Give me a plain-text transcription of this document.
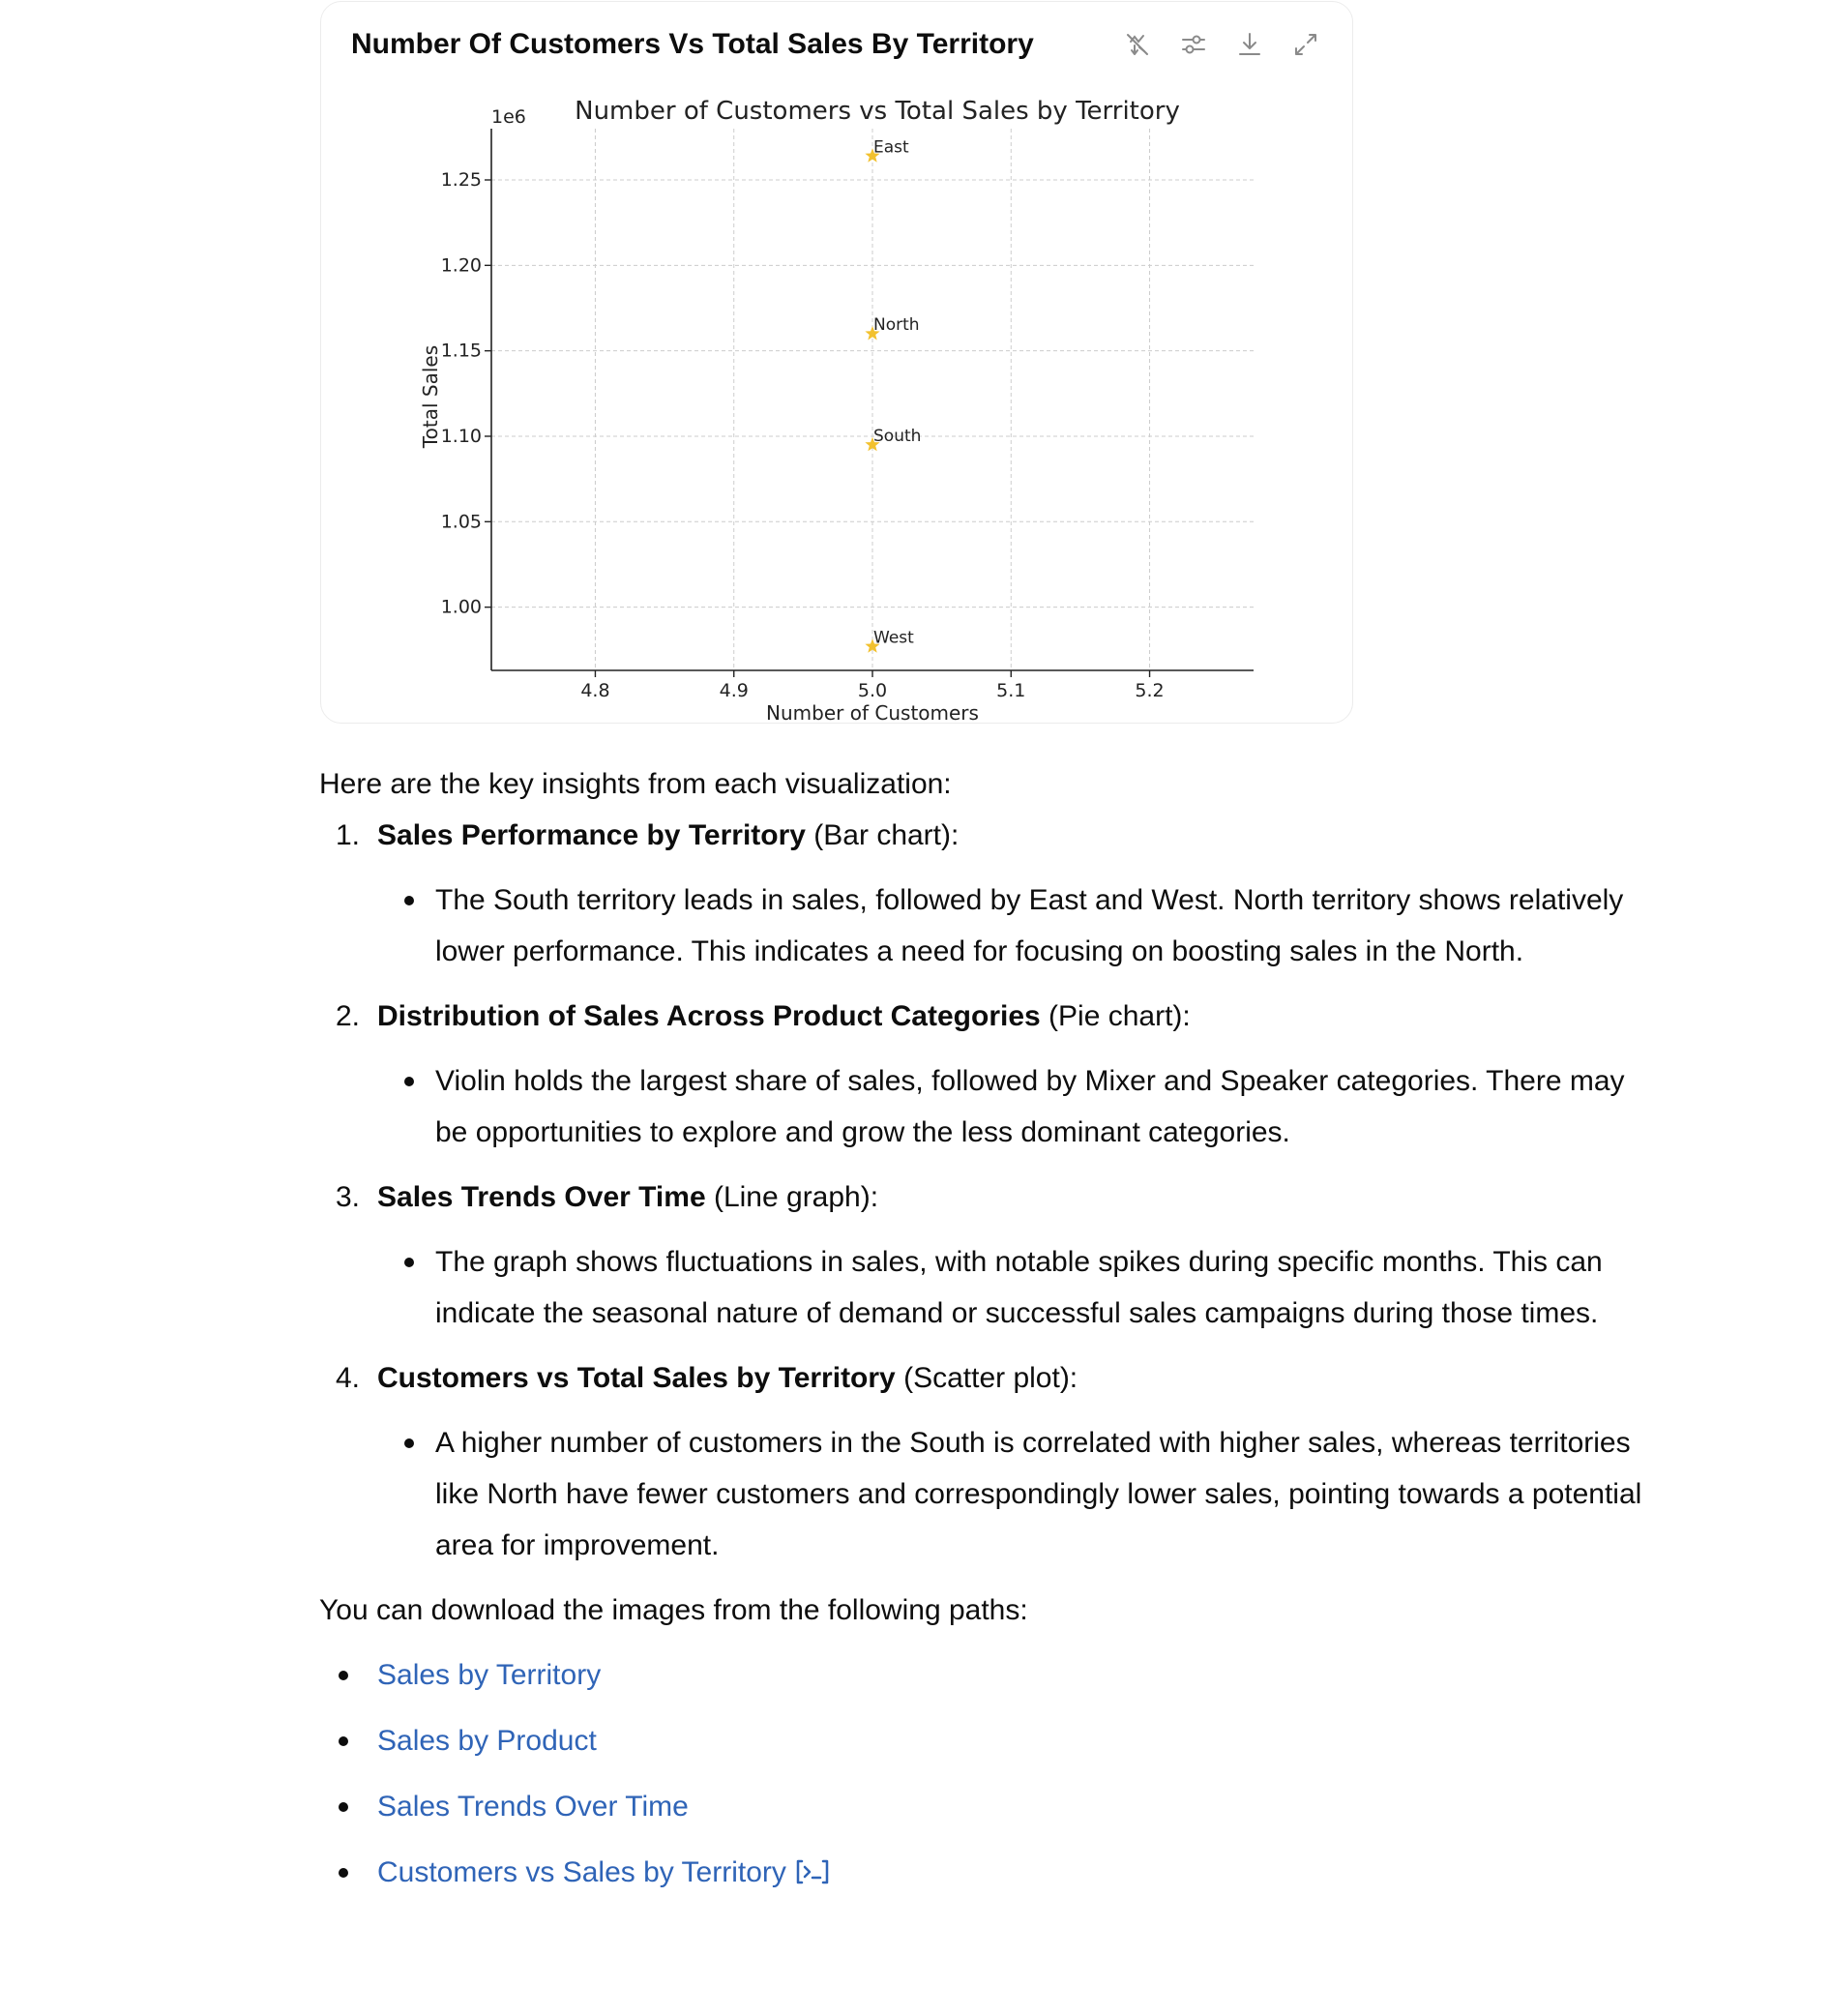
4.8	4.9	5.0	5.1	5.2
1.00
1.05
1.10
1.15
1.20
1.25
1e6 Number of Customers vs Total Sales by Territory
Number of Customers
Total Sales
East
North
South
West
Number Of Customers Vs Total Sales By Territory

Here are the key insights from each visualization:

1. Sales Performance by Territory (Bar chart):
The South territory leads in sales, followed by East and West. North territory shows relatively lower performance. This indicates a need for focusing on boosting sales in the North.
2. Distribution of Sales Across Product Categories (Pie chart):
Violin holds the largest share of sales, followed by Mixer and Speaker categories. There may be opportunities to explore and grow the less dominant categories.
3. Sales Trends Over Time (Line graph):
The graph shows fluctuations in sales, with notable spikes during specific months. This can indicate the seasonal nature of demand or successful sales campaigns during those times.
4. Customers vs Total Sales by Territory (Scatter plot):
A higher number of customers in the South is correlated with higher sales, whereas territories like North have fewer customers and correspondingly lower sales, pointing towards a potential area for improvement.

You can download the images from the following paths:

Sales by Territory
Sales by Product
Sales Trends Over Time
Customers vs Sales by Territory
